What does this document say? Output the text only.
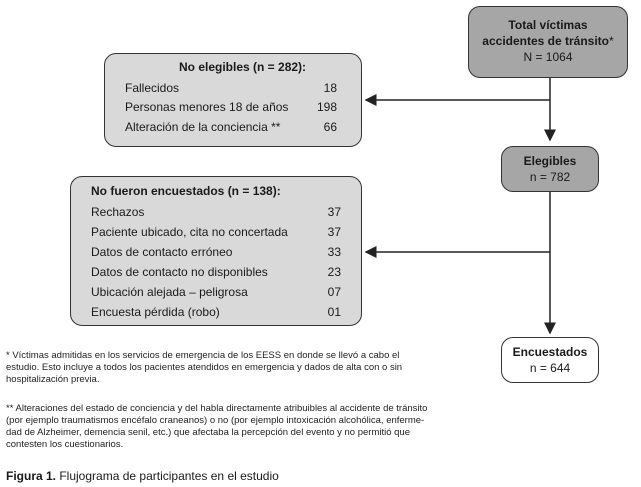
Total víctimas
accidentes de tránsito*
N = 1064
No elegibles (n = 282):
Fallecidos	18
Personas menores 18 de años	198
Alteración de la conciencia **	66
Elegibles
n = 782
No fueron encuestados (n = 138):
Rechazos	37
Paciente ubicado, cita no concertada	37
Datos de contacto erróneo	33
Datos de contacto no disponibles	23
Ubicación alejada – peligrosa	07
Encuesta pérdida (robo)	01
Encuestados
n = 644
* Víctimas admitidas en los servicios de emergencia de los EESS en donde se llevó a cabo el
estudio. Esto incluye a todos los pacientes atendidos en emergencia y dados de alta con o sin
hospitalización previa.
** Alteraciones del estado de conciencia y del habla directamente atribuibles al accidente de tránsito
(por ejemplo traumatismos encéfalo craneanos) o no (por ejemplo intoxicación alcohólica, enferme-
dad de Alzheimer, demencia senil, etc.) que afectaba la percepción del evento y no permitió que
contesten los cuestionarios.
Figura 1. Flujograma de participantes en el estudio
